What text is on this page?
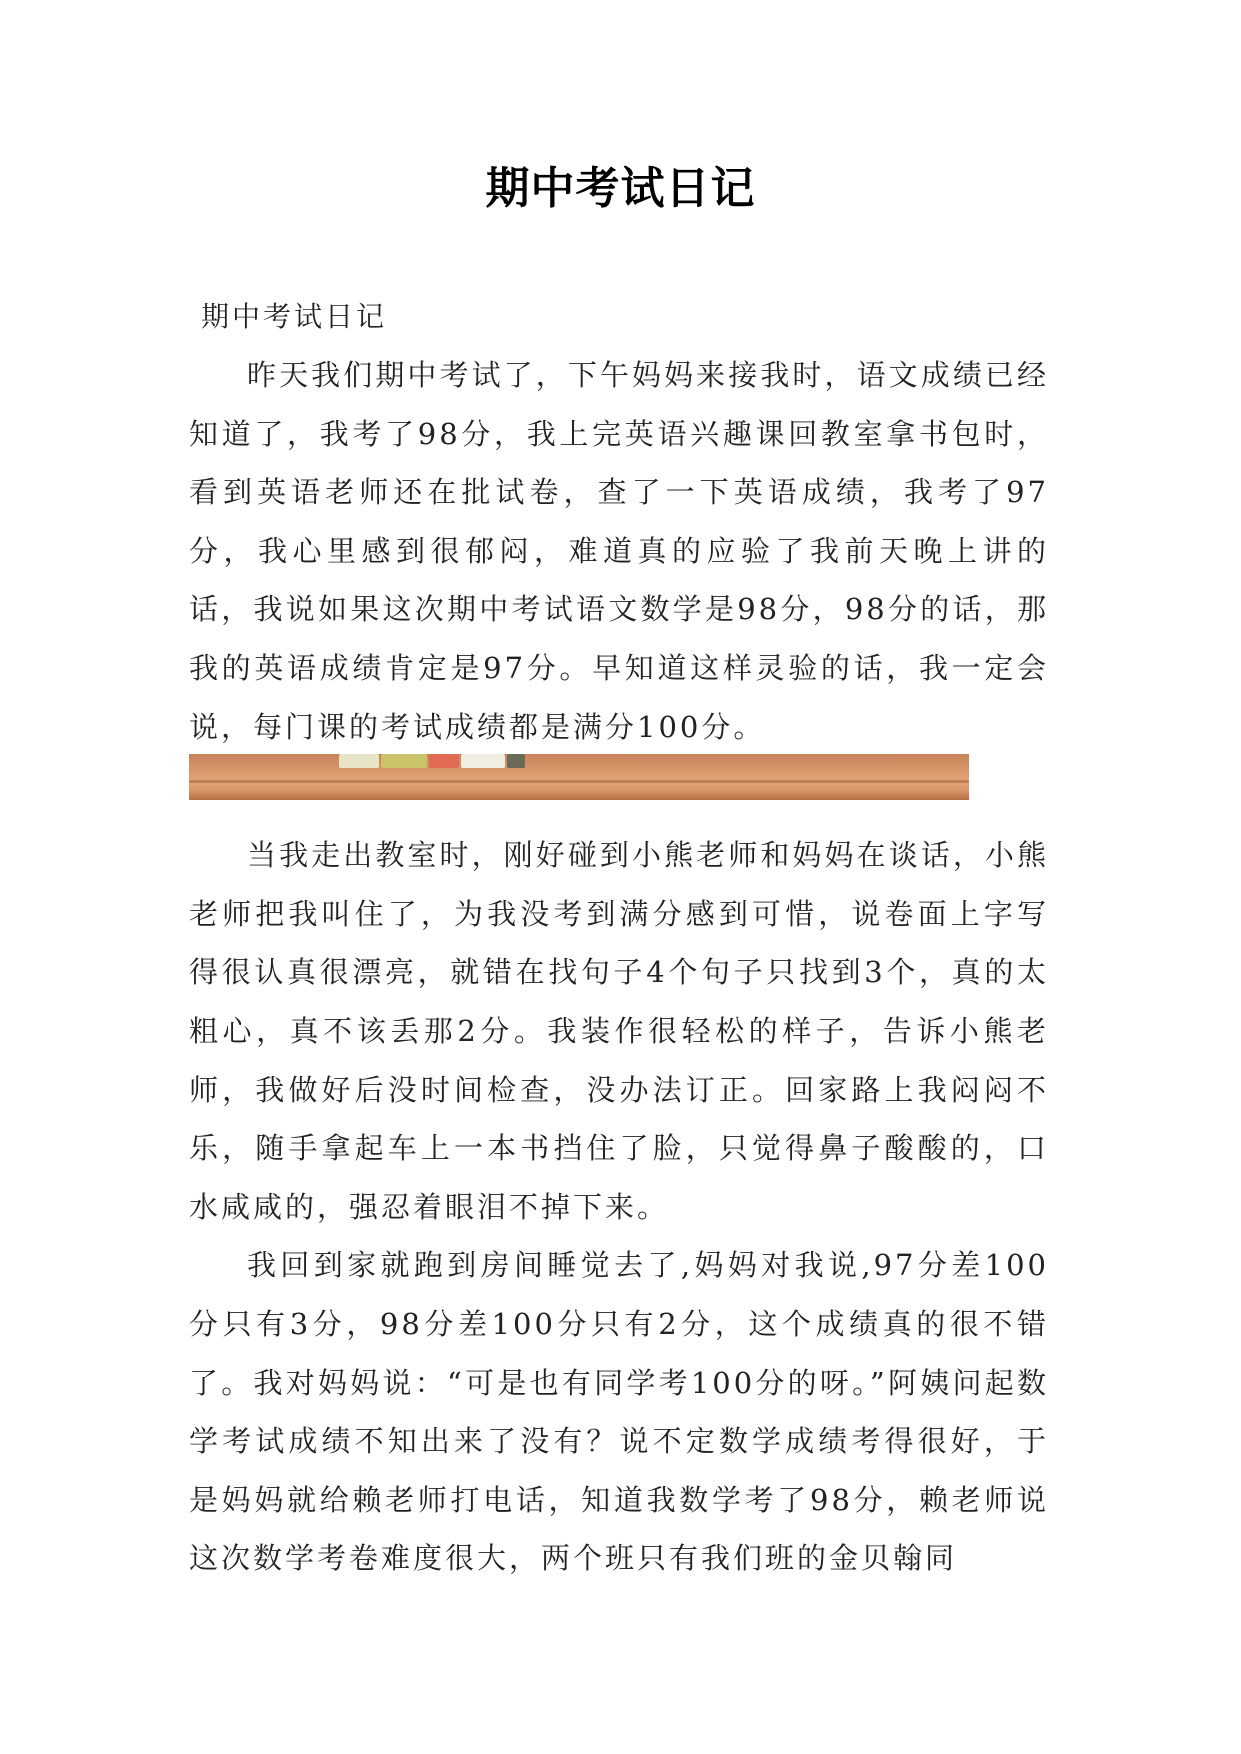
期中考试日记

期中考试日记

昨天我们期中考试了，下午妈妈来接我时，语文成绩已经知道了，我考了98分，我上完英语兴趣课回教室拿书包时，看到英语老师还在批试卷，查了一下英语成绩，我考了97分，我心里感到很郁闷，难道真的应验了我前天晚上讲的话，我说如果这次期中考试语文数学是98分，98分的话，那我的英语成绩肯定是97分。早知道这样灵验的话，我一定会说，每门课的考试成绩都是满分100分。

当我走出教室时，刚好碰到小熊老师和妈妈在谈话，小熊老师把我叫住了，为我没考到满分感到可惜，说卷面上字写得很认真很漂亮，就错在找句子4个句子只找到3个，真的太粗心，真不该丢那2分。我装作很轻松的样子，告诉小熊老师，我做好后没时间检查，没办法订正。回家路上我闷闷不乐，随手拿起车上一本书挡住了脸，只觉得鼻子酸酸的，口水咸咸的，强忍着眼泪不掉下来。

我回到家就跑到房间睡觉去了,妈妈对我说,97分差100分只有3分，98分差100分只有2分，这个成绩真的很不错了。我对妈妈说：“可是也有同学考100分的呀。”阿姨问起数学考试成绩不知出来了没有？说不定数学成绩考得很好，于是妈妈就给赖老师打电话，知道我数学考了98分，赖老师说这次数学考卷难度很大，两个班只有我们班的金贝翰同
